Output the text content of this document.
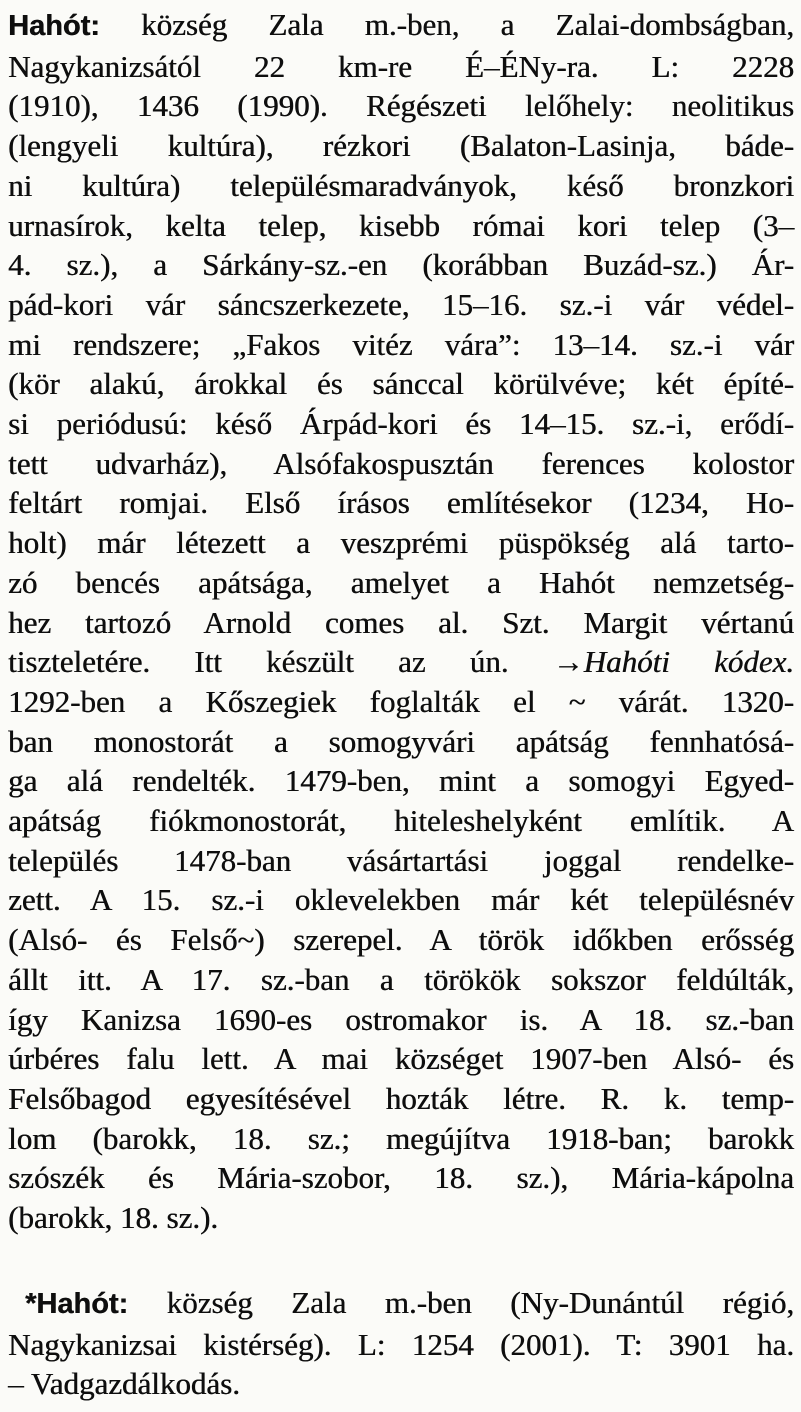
Hahót: község Zala m.-ben, a Zalai-dombságban,
Nagykanizsától 22 km-re É–ÉNy-ra. L: 2228
(1910), 1436 (1990). Régészeti lelőhely: neolitikus
(lengyeli kultúra), rézkori (Balaton-Lasinja, báde-
ni kultúra) településmaradványok, késő bronzkori
urnasírok, kelta telep, kisebb római kori telep (3–
4. sz.), a Sárkány-sz.-en (korábban Buzád-sz.) Ár-
pád-kori vár sáncszerkezete, 15–16. sz.-i vár védel-
mi rendszere; „Fakos vitéz vára”: 13–14. sz.-i vár
(kör alakú, árokkal és sánccal körülvéve; két építé-
si periódusú: késő Árpád-kori és 14–15. sz.-i, erődí-
tett udvarház), Alsófakospusztán ferences kolostor
feltárt romjai. Első írásos említésekor (1234, Ho-
holt) már létezett a veszprémi püspökség alá tarto-
zó bencés apátsága, amelyet a Hahót nemzetség-
hez tartozó Arnold comes al. Szt. Margit vértanú
tiszteletére. Itt készült az ún. →Hahóti kódex.
1292-ben a Kőszegiek foglalták el ~ várát. 1320-
ban monostorát a somogyvári apátság fennhatósá-
ga alá rendelték. 1479-ben, mint a somogyi Egyed-
apátság fiókmonostorát, hiteleshelyként említik. A
település 1478-ban vásártartási joggal rendelke-
zett. A 15. sz.-i oklevelekben már két településnév
(Alsó- és Felső~) szerepel. A török időkben erősség
állt itt. A 17. sz.-ban a törökök sokszor feldúlták,
így Kanizsa 1690-es ostromakor is. A 18. sz.-ban
úrbéres falu lett. A mai községet 1907-ben Alsó- és
Felsőbagod egyesítésével hozták létre. R. k. temp-
lom (barokk, 18. sz.; megújítva 1918-ban; barokk
szószék és Mária-szobor, 18. sz.), Mária-kápolna
(barokk, 18. sz.).
*Hahót: község Zala m.-ben (Ny-Dunántúl régió,
Nagykanizsai kistérség). L: 1254 (2001). T: 3901 ha.
– Vadgazdálkodás.
